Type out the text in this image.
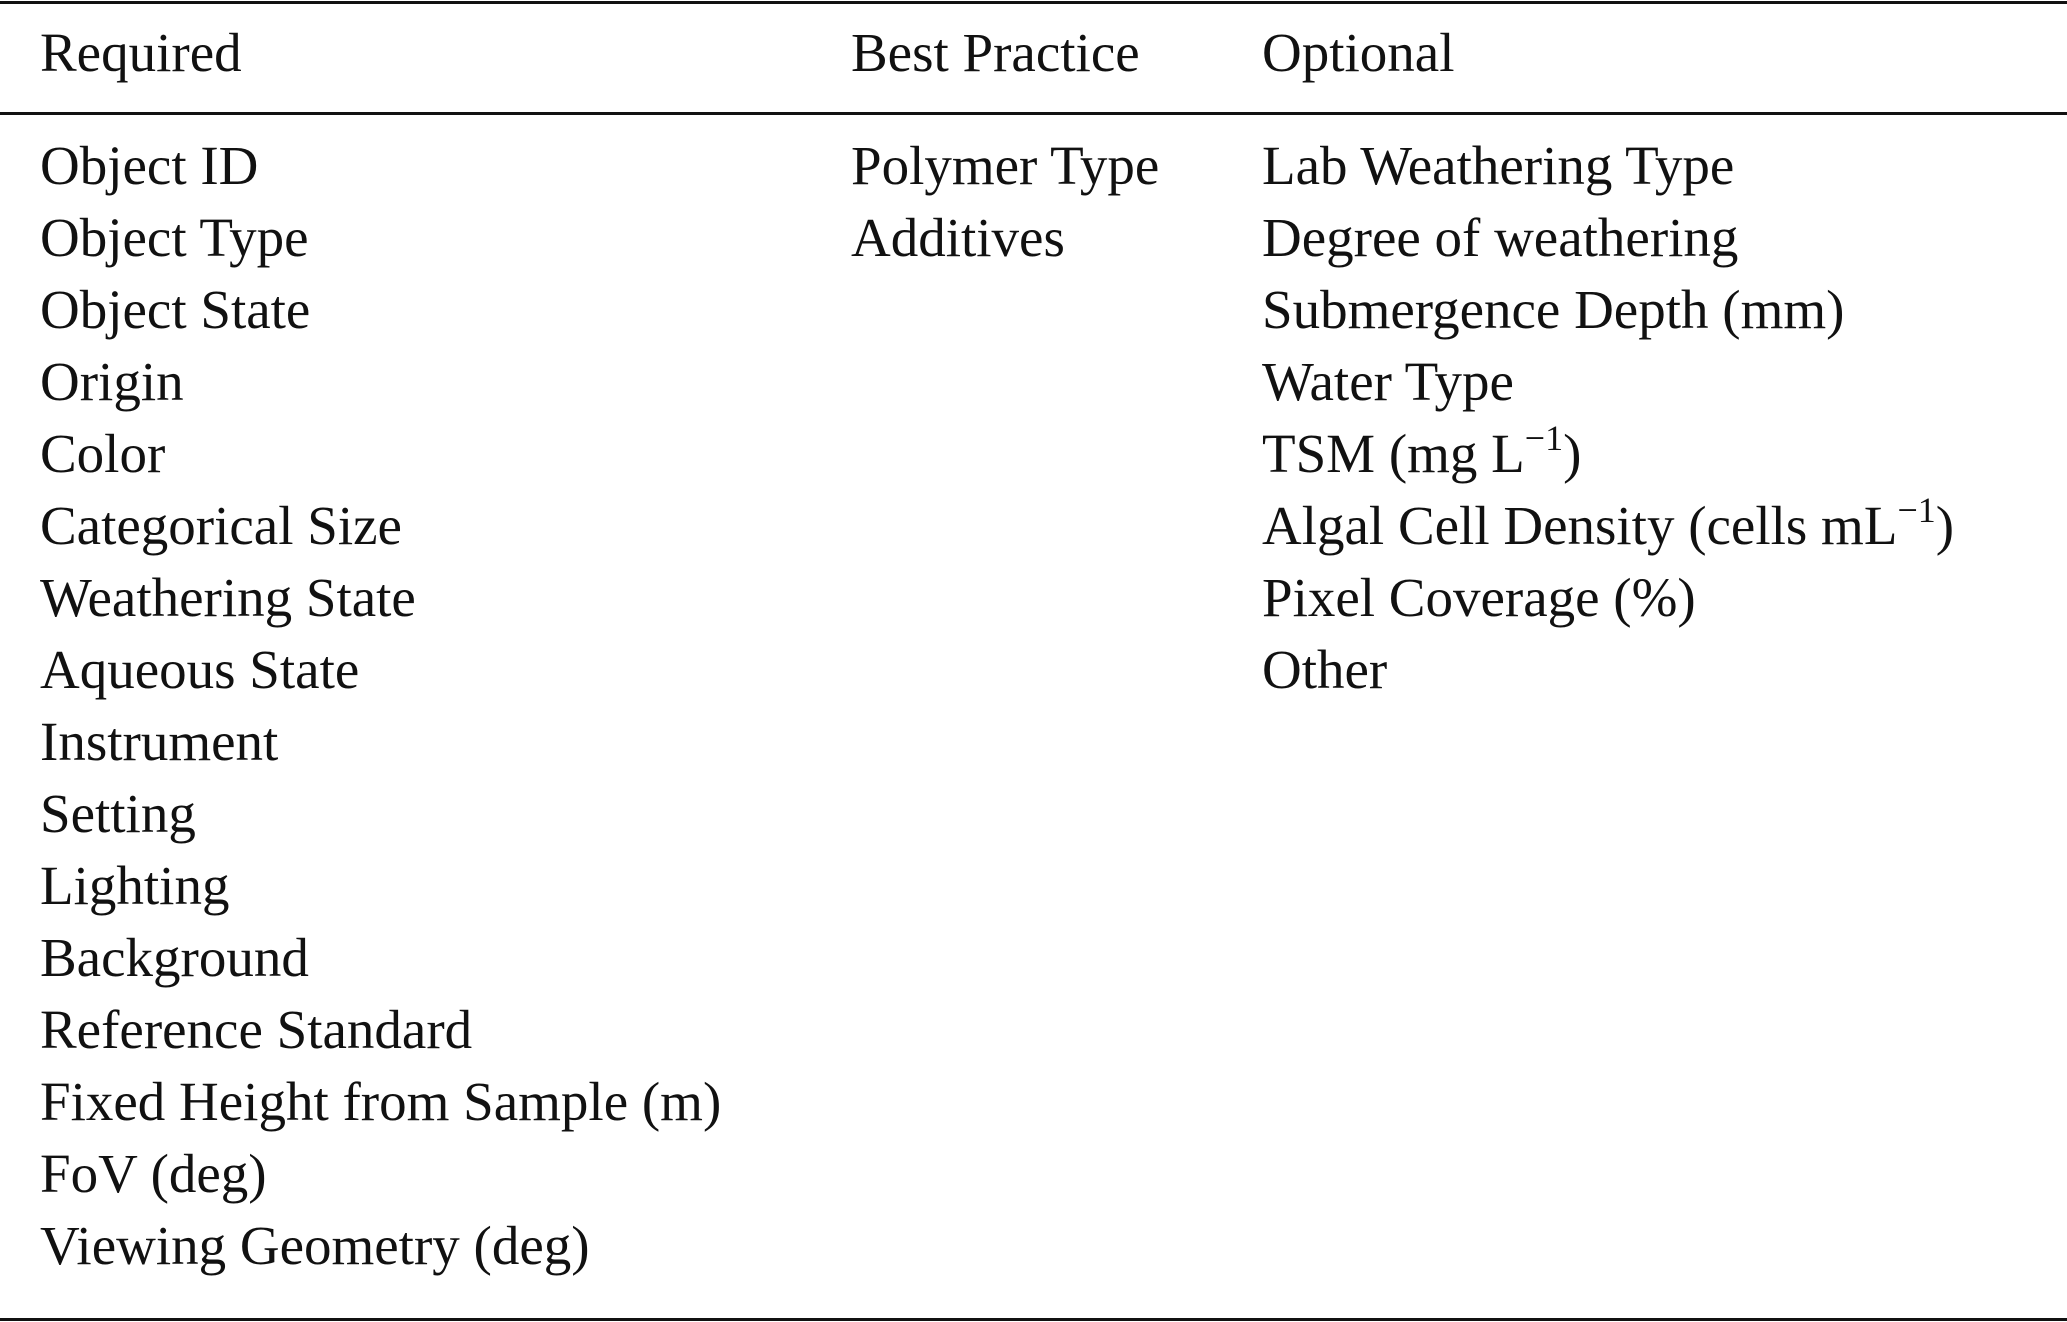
Required
Object ID
Object Type
Object State
Origin
Color
Categorical Size
Weathering State
Aqueous State
Instrument
Setting
Lighting
Background
Reference Standard
Fixed Height from Sample (m)
FoV (deg)
Viewing Geometry (deg)
Best Practice
Polymer Type
Additives
Optional
Lab Weathering Type
Degree of weathering
Submergence Depth (mm)
Water Type
TSM (mg $L^{-1}$)
Algal Cell Density (cells $mL^{-1}$)
Pixel Coverage (%)
Other
